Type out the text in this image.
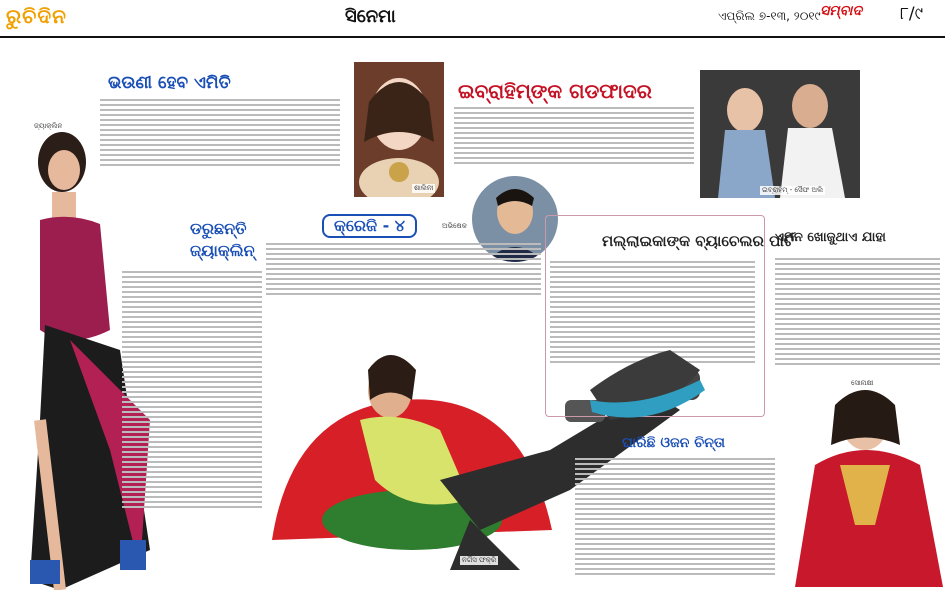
ରୁଚିଦିନ	ସିନେମା	ଏପ୍ରିଲ ୭-୧୩, ୨୦୧୯ ସମ୍ବାଦ ୮/୯
ଭଉଣୀ ହେବ ଏମିତି	ଇବ୍ରାହିମ୍ଙ୍କ ଗଡଫାଦର
ଜ୍ୟାକ୍ଲିନ
ଶାଲିନୀ	ଇବ୍ରାହିମ୍ - ସୈଫ ଅଲି
ଅଭିଷେକ
ଡରୁଛନ୍ତି ଜ୍ୟାକ୍ଲିନ୍
କ୍ରେଜି - ୪
ମଲ୍ଲାଇକାଙ୍କ ବ୍ୟାଚେଲର ପାର୍ଟି
ଏମନ ଖୋଜୁଥାଏ ଯାହା
ନର୍ଗିସ ଫକ୍ରି
ଘାରିଛି ଓଜନ ଚିନ୍ତା
ସୋନାକ୍ଷୀ
